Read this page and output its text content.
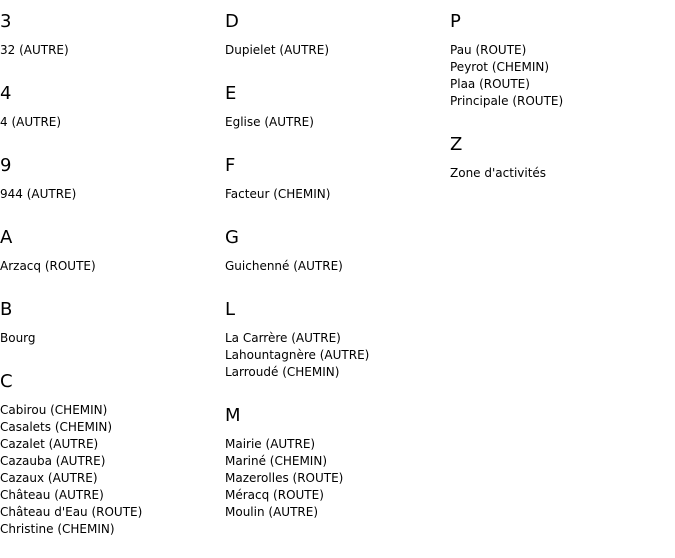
3
32 (AUTRE)
4
4 (AUTRE)
9
944 (AUTRE)
A
Arzacq (ROUTE)
B
Bourg
C
Cabirou (CHEMIN)
Casalets (CHEMIN)
Cazalet (AUTRE)
Cazauba (AUTRE)
Cazaux (AUTRE)
Château (AUTRE)
Château d'Eau (ROUTE)
Christine (CHEMIN)
D
Dupielet (AUTRE)
E
Eglise (AUTRE)
F
Facteur (CHEMIN)
G
Guichenné (AUTRE)
L
La Carrère (AUTRE)
Lahountagnère (AUTRE)
Larroudé (CHEMIN)
M
Mairie (AUTRE)
Mariné (CHEMIN)
Mazerolles (ROUTE)
Méracq (ROUTE)
Moulin (AUTRE)
P
Pau (ROUTE)
Peyrot (CHEMIN)
Plaa (ROUTE)
Principale (ROUTE)
Z
Zone d'activités
